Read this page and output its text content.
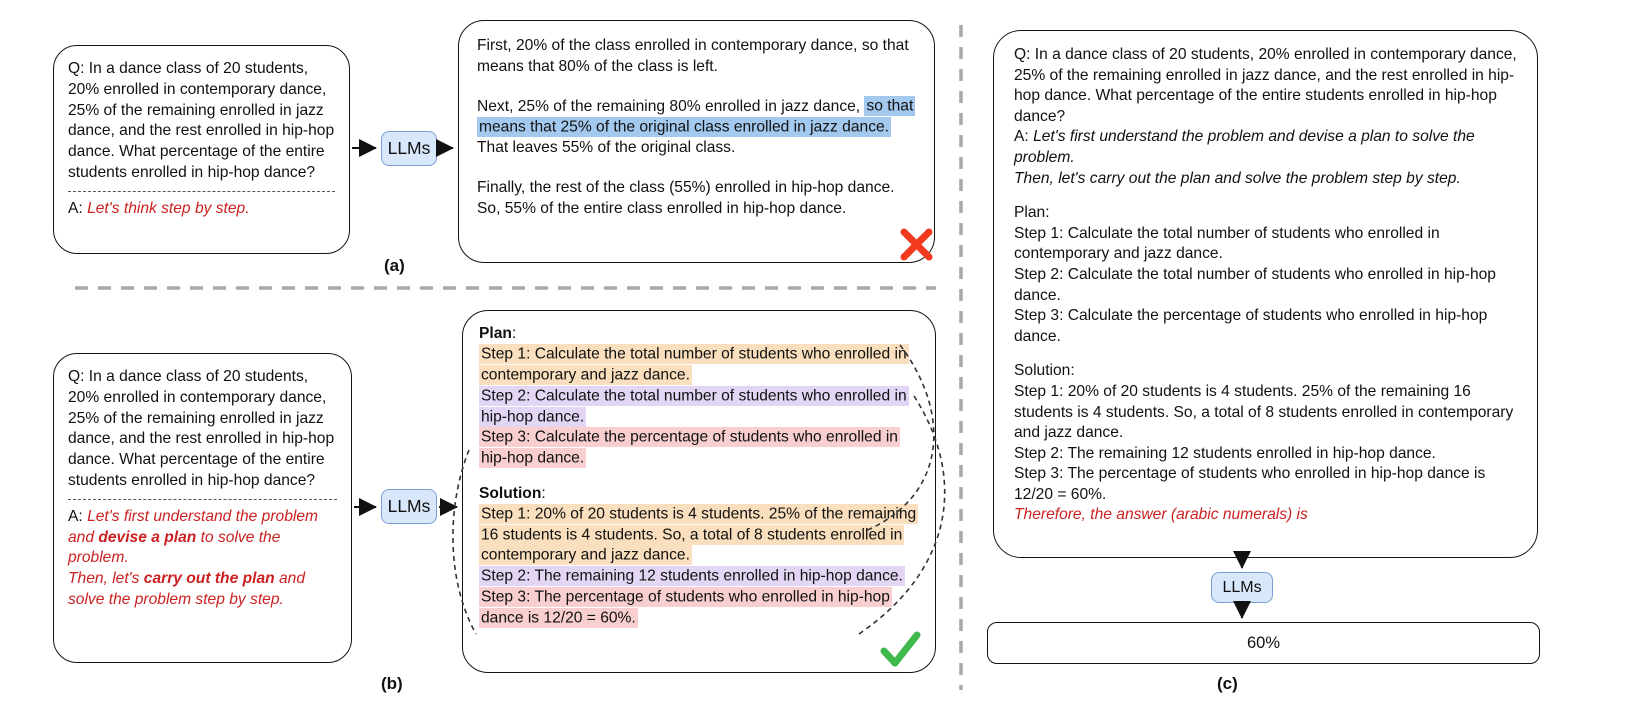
Q: In a dance class of 20 students, 20% enrolled in contemporary dance, 25% of the remaining enrolled in jazz dance, and the rest enrolled in hip-hop dance. What percentage of the entire students enrolled in hip-hop dance?
A: Let's think step by step.
LLMs
First, 20% of the class enrolled in contemporary dance, so that means that 80% of the class is left.
Next, 25% of the remaining 80% enrolled in jazz dance, so that means that 25% of the original class enrolled in jazz dance. That leaves 55% of the original class.
Finally, the rest of the class (55%) enrolled in hip-hop dance. So, 55% of the entire class enrolled in hip-hop dance.
Q: In a dance class of 20 students, 20% enrolled in contemporary dance, 25% of the remaining enrolled in jazz dance, and the rest enrolled in hip-hop dance. What percentage of the entire students enrolled in hip-hop dance?
A: Let's first understand the problem and devise a plan to solve the problem.
Then, let's carry out the plan and solve the problem step by step.
LLMs
Plan:
Step 1: Calculate the total number of students who enrolled in contemporary and jazz dance.
Step 2: Calculate the total number of students who enrolled in hip-hop dance.
Step 3: Calculate the percentage of students who enrolled in hip-hop dance.
Solution:
Step 1: 20% of 20 students is 4 students. 25% of the remaining 16 students is 4 students. So, a total of 8 students enrolled in contemporary and jazz dance.
Step 2: The remaining 12 students enrolled in hip-hop dance.
Step 3: The percentage of students who enrolled in hip-hop dance is 12/20 = 60%.
Q: In a dance class of 20 students, 20% enrolled in contemporary dance, 25% of the remaining enrolled in jazz dance, and the rest enrolled in hip-hop dance. What percentage of the entire students enrolled in hip-hop dance?
A: Let's first understand the problem and devise a plan to solve the problem.
Then, let's carry out the plan and solve the problem step by step.
Plan:
Step 1: Calculate the total number of students who enrolled in contemporary and jazz dance.
Step 2: Calculate the total number of students who enrolled in hip-hop dance.
Step 3: Calculate the percentage of students who enrolled in hip-hop dance.
Solution:
Step 1: 20% of 20 students is 4 students. 25% of the remaining 16 students is 4 students. So, a total of 8 students enrolled in contemporary and jazz dance.
Step 2: The remaining 12 students enrolled in hip-hop dance.
Step 3: The percentage of students who enrolled in hip-hop dance is 12/20 = 60%.
Therefore, the answer (arabic numerals) is
LLMs
60%
(a)
(b)	(c)
